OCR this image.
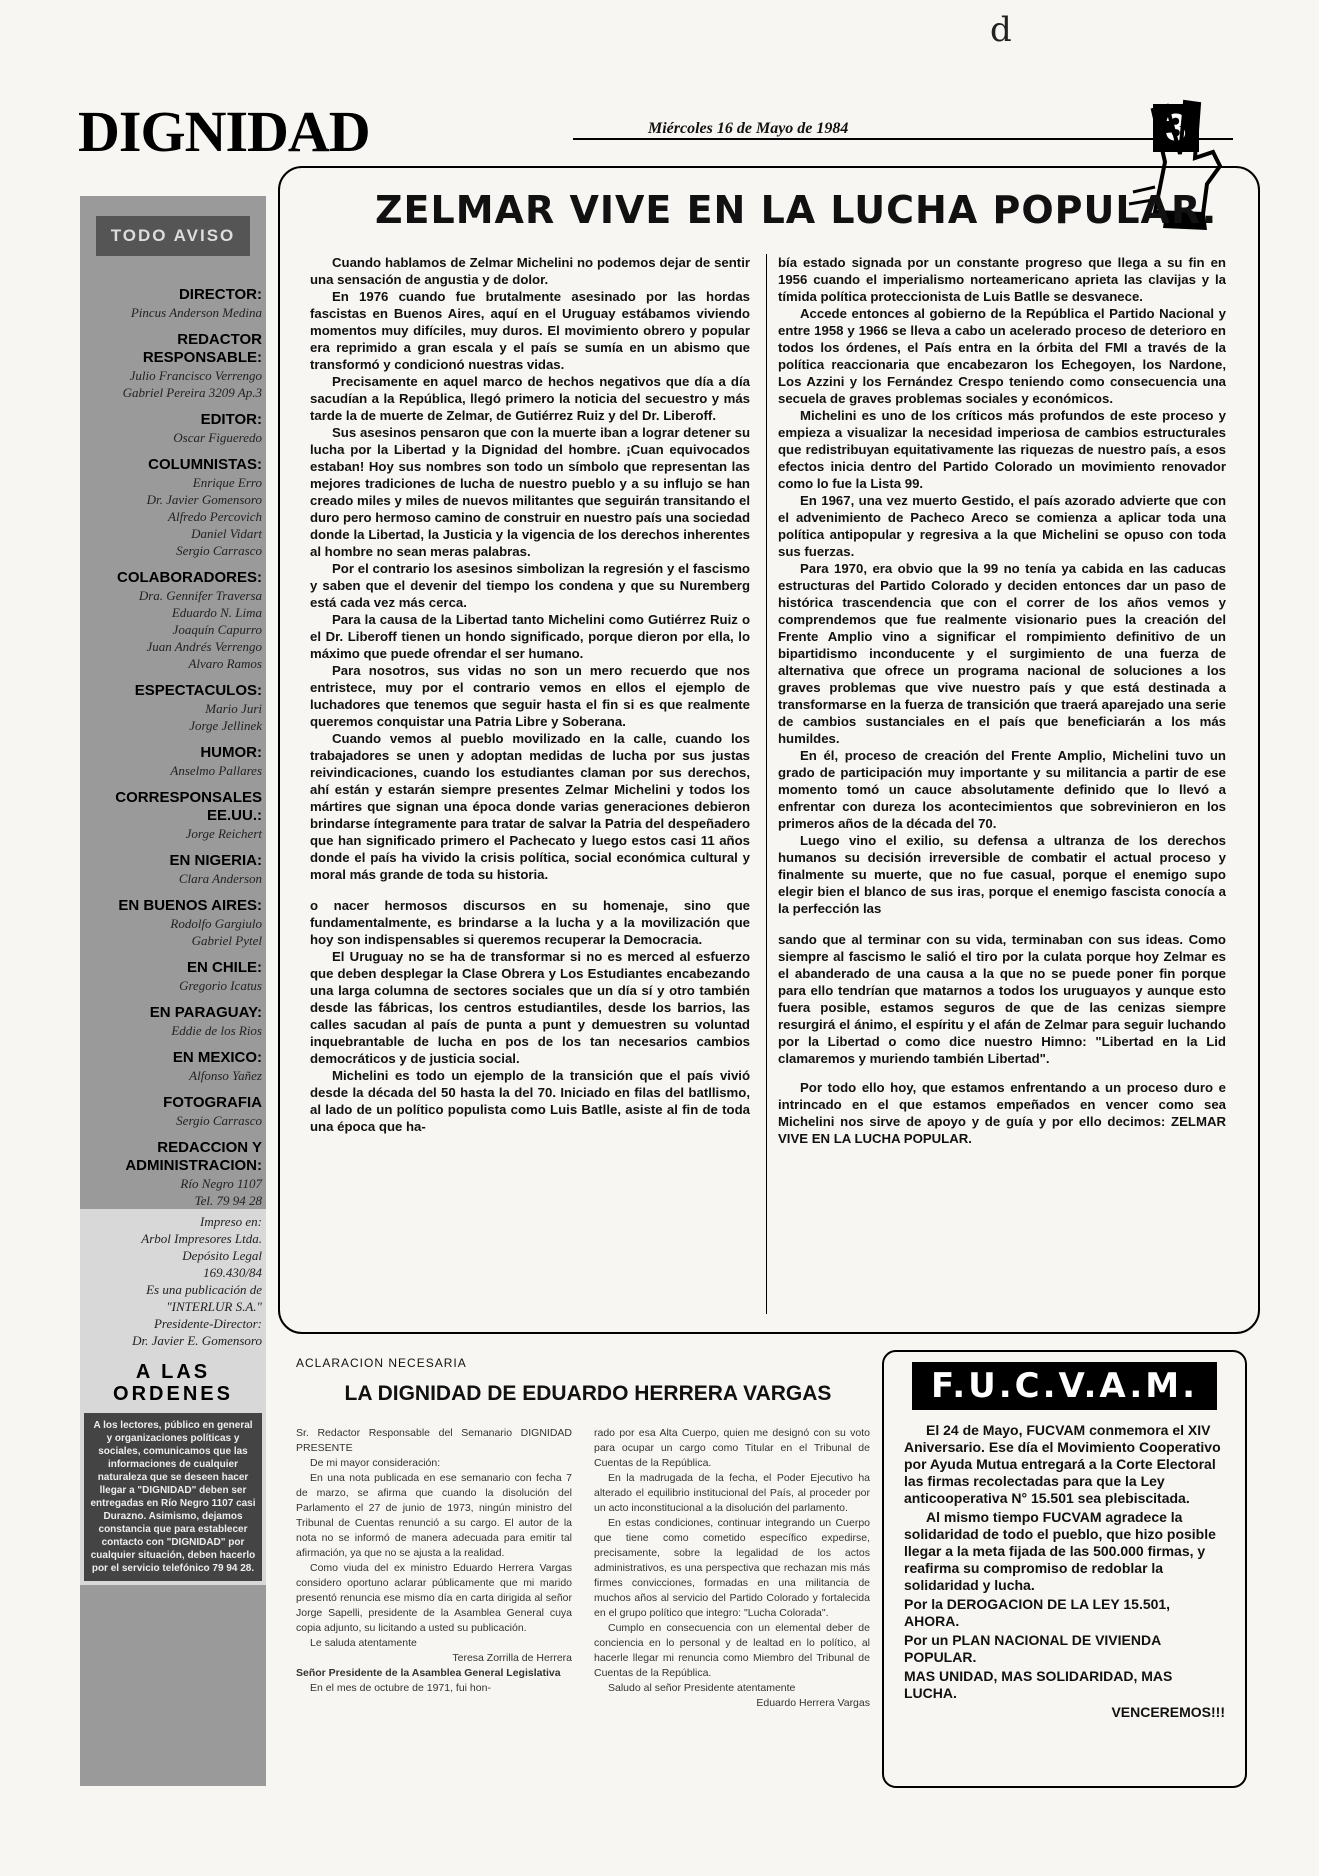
d
DIGNIDAD	Miércoles 16 de Mayo de 1984	3
TODO AVISO
DIRECTOR:
Pincus Anderson Medina
REDACTOR RESPONSABLE:
Julio Francisco Verrengo
Gabriel Pereira 3209 Ap.3
EDITOR:
Oscar Figueredo
COLUMNISTAS:
Enrique Erro
Dr. Javier Gomensoro
Alfredo Percovich
Daniel Vidart
Sergio Carrasco
COLABORADORES:
Dra. Gennifer Traversa
Eduardo N. Lima
Joaquín Capurro
Juan Andrés Verrengo
Alvaro Ramos
ESPECTACULOS:
Mario Juri
Jorge Jellinek
HUMOR:
Anselmo Pallares
CORRESPONSALES EE.UU.:
Jorge Reichert
EN NIGERIA:
Clara Anderson
EN BUENOS AIRES:
Rodolfo Gargiulo
Gabriel Pytel
EN CHILE:
Gregorio Icatus
EN PARAGUAY:
Eddie de los Rios
EN MEXICO:
Alfonso Yañez
FOTOGRAFIA
Sergio Carrasco
REDACCION Y ADMINISTRACION:
Río Negro 1107
Tel. 79 94 28
Impreso en:
Arbol Impresores Ltda.
Depósito Legal
169.430/84
Es una publicación de "INTERLUR S.A."
Presidente-Director:
Dr. Javier E. Gomensoro
A LAS ORDENES
A los lectores, público en general y organizaciones políticas y sociales, comunicamos que las informaciones de cualquier naturaleza que se deseen hacer llegar a "DIGNIDAD" deben ser entregadas en Río Negro 1107 casi Durazno. Asimismo, dejamos constancia que para establecer contacto con "DIGNIDAD" por cualquier situación, deben hacerlo por el servicio telefónico 79 94 28.
ZELMAR VIVE EN LA LUCHA POPULAR.

Cuando hablamos de Zelmar Michelini no podemos dejar de sentir una sensación de angustia y de dolor.

En 1976 cuando fue brutalmente asesinado por las hordas fascistas en Buenos Aires, aquí en el Uruguay estábamos viviendo momentos muy difíciles, muy duros. El movimiento obrero y popular era reprimido a gran escala y el país se sumía en un abismo que transformó y condicionó nuestras vidas.

Precisamente en aquel marco de hechos negativos que día a día sacudían a la República, llegó primero la noticia del secuestro y más tarde la de muerte de Zelmar, de Gutiérrez Ruiz y del Dr. Liberoff.

Sus asesinos pensaron que con la muerte iban a lograr detener su lucha por la Libertad y la Dignidad del hombre. ¡Cuan equivocados estaban! Hoy sus nombres son todo un símbolo que representan las mejores tradiciones de lucha de nuestro pueblo y a su influjo se han creado miles y miles de nuevos militantes que seguirán transitando el duro pero hermoso camino de construir en nuestro país una sociedad donde la Libertad, la Justicia y la vigencia de los derechos inherentes al hombre no sean meras palabras.

Por el contrario los asesinos simbolizan la regresión y el fascismo y saben que el devenir del tiempo los condena y que su Nuremberg está cada vez más cerca.

Para la causa de la Libertad tanto Michelini como Gutiérrez Ruiz o el Dr. Liberoff tienen un hondo significado, porque dieron por ella, lo máximo que puede ofrendar el ser humano.

Para nosotros, sus vidas no son un mero recuerdo que nos entristece, muy por el contrario vemos en ellos el ejemplo de luchadores que tenemos que seguir hasta el fin si es que realmente queremos conquistar una Patria Libre y Soberana.

Cuando vemos al pueblo movilizado en la calle, cuando los trabajadores se unen y adoptan medidas de lucha por sus justas reivindicaciones, cuando los estudiantes claman por sus derechos, ahí están y estarán siempre presentes Zelmar Michelini y todos los mártires que signan una época donde varias generaciones debieron brindarse íntegramente para tratar de salvar la Patria del despeñadero que han significado primero el Pachecato y luego estos casi 11 años donde el país ha vivido la crisis política, social económica cultural y moral más grande de toda su historia.

o nacer hermosos discursos en su homenaje, sino que fundamentalmente, es brindarse a la lucha y a la movilización que hoy son indispensables si queremos recuperar la Democracia.

El Uruguay no se ha de transformar si no es merced al esfuerzo que deben desplegar la Clase Obrera y Los Estudiantes encabezando una larga columna de sectores sociales que un día sí y otro también desde las fábricas, los centros estudiantiles, desde los barrios, las calles sacudan al país de punta a punt y demuestren su voluntad inquebrantable de lucha en pos de los tan necesarios cambios democráticos y de justicia social.

Michelini es todo un ejemplo de la transición que el país vivió desde la década del 50 hasta la del 70. Iniciado en filas del batllismo, al lado de un político populista como Luis Batlle, asiste al fin de toda una época que ha-

bía estado signada por un constante progreso que llega a su fin en 1956 cuando el imperialismo norteamericano aprieta las clavijas y la tímida política proteccionista de Luis Batlle se desvanece.

Accede entonces al gobierno de la República el Partido Nacional y entre 1958 y 1966 se lleva a cabo un acelerado proceso de deterioro en todos los órdenes, el País entra en la órbita del FMI a través de la política reaccionaria que encabezaron los Echegoyen, los Nardone, Los Azzini y los Fernández Crespo teniendo como consecuencia una secuela de graves problemas sociales y económicos.

Michelini es uno de los críticos más profundos de este proceso y empieza a visualizar la necesidad imperiosa de cambios estructurales que redistribuyan equitativamente las riquezas de nuestro país, a esos efectos inicia dentro del Partido Colorado un movimiento renovador como lo fue la Lista 99.

En 1967, una vez muerto Gestido, el país azorado advierte que con el advenimiento de Pacheco Areco se comienza a aplicar toda una política antipopular y regresiva a la que Michelini se opuso con toda sus fuerzas.

Para 1970, era obvio que la 99 no tenía ya cabida en las caducas estructuras del Partido Colorado y deciden entonces dar un paso de histórica trascendencia que con el correr de los años vemos y comprendemos que fue realmente visionario pues la creación del Frente Amplio vino a significar el rompimiento definitivo de un bipartidismo inconducente y el surgimiento de una fuerza de alternativa que ofrece un programa nacional de soluciones a los graves problemas que vive nuestro país y que está destinada a transformarse en la fuerza de transición que traerá aparejado una serie de cambios sustanciales en el país que beneficiarán a los más humildes.

En él, proceso de creación del Frente Amplio, Michelini tuvo un grado de participación muy importante y su militancia a partir de ese momento tomó un cauce absolutamente definido que lo llevó a enfrentar con dureza los acontecimientos que sobrevinieron en los primeros años de la década del 70.

Luego vino el exilio, su defensa a ultranza de los derechos humanos su decisión irreversible de combatir el actual proceso y finalmente su muerte, que no fue casual, porque el enemigo supo elegir bien el blanco de sus iras, porque el enemigo fascista conocía a la perfección las

sando que al terminar con su vida, terminaban con sus ideas. Como siempre al fascismo le salió el tiro por la culata porque hoy Zelmar es el abanderado de una causa a la que no se puede poner fin porque para ello tendrían que matarnos a todos los uruguayos y aunque esto fuera posible, estamos seguros de que de las cenizas siempre resurgirá el ánimo, el espíritu y el afán de Zelmar para seguir luchando por la Libertad o como dice nuestro Himno: "Libertad en la Lid clamaremos y muriendo también Libertad".

Por todo ello hoy, que estamos enfrentando a un proceso duro e intrincado en el que estamos empeñados en vencer como sea Michelini nos sirve de apoyo y de guía y por ello decimos: ZELMAR VIVE EN LA LUCHA POPULAR.

ACLARACION NECESARIA
LA DIGNIDAD DE EDUARDO HERRERA VARGAS

Sr. Redactor Responsable del Semanario DIGNIDAD PRESENTE

De mi mayor consideración:

En una nota publicada en ese semanario con fecha 7 de marzo, se afirma que cuando la disolución del Parlamento el 27 de junio de 1973, ningún ministro del Tribunal de Cuentas renunció a su cargo. El autor de la nota no se informó de manera adecuada para emitir tal afirmación, ya que no se ajusta a la realidad.

Como viuda del ex ministro Eduardo Herrera Vargas considero oportuno aclarar públicamente que mi marido presentó renuncia ese mismo día en carta dirigida al señor Jorge Sapelli, presidente de la Asamblea General cuya copia adjunto, su licitando a usted su publicación.

Le saluda atentamente

Teresa Zorrilla de Herrera

Señor Presidente de la Asamblea General Legislativa

En el mes de octubre de 1971, fui hon-

rado por esa Alta Cuerpo, quien me designó con su voto para ocupar un cargo como Titular en el Tribunal de Cuentas de la República.

En la madrugada de la fecha, el Poder Ejecutivo ha alterado el equilibrio institucional del País, al proceder por un acto inconstitucional a la disolución del parlamento.

En estas condiciones, continuar integrando un Cuerpo que tiene como cometido específico expedirse, precisamente, sobre la legalidad de los actos administrativos, es una perspectiva que rechazan mis más firmes convicciones, formadas en una militancia de muchos años al servicio del Partido Colorado y fortalecida en el grupo político que integro: "Lucha Colorada".

Cumplo en consecuencia con un elemental deber de conciencia en lo personal y de lealtad en lo político, al hacerle llegar mi renuncia como Miembro del Tribunal de Cuentas de la República.

Saludo al señor Presidente atentamente

Eduardo Herrera Vargas

F.U.C.V.A.M.

El 24 de Mayo, FUCVAM conmemora el XIV Aniversario. Ese día el Movimiento Cooperativo por Ayuda Mutua entregará a la Corte Electoral las firmas recolectadas para que la Ley anticooperativa N° 15.501 sea plebiscitada.

Al mismo tiempo FUCVAM agradece la solidaridad de todo el pueblo, que hizo posible llegar a la meta fijada de las 500.000 firmas, y reafirma su compromiso de redoblar la solidaridad y lucha.

Por la DEROGACION DE LA LEY 15.501, AHORA.

Por un PLAN NACIONAL DE VIVIENDA POPULAR.

MAS UNIDAD, MAS SOLIDARIDAD, MAS LUCHA.

VENCEREMOS!!!
